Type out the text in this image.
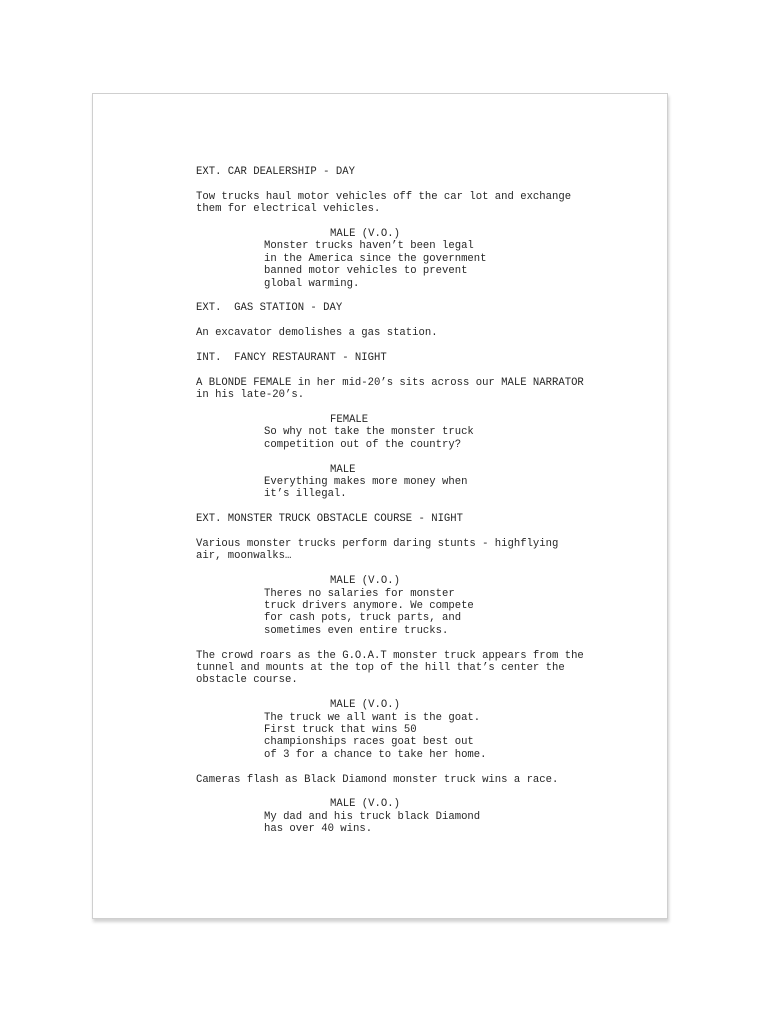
EXT. CAR DEALERSHIP - DAY

Tow trucks haul motor vehicles off the car lot and exchange

them for electrical vehicles.

MALE (V.O.)

Monster trucks haven’t been legal

in the America since the government

banned motor vehicles to prevent

global warming.

EXT.  GAS STATION - DAY

An excavator demolishes a gas station.

INT.  FANCY RESTAURANT - NIGHT

A BLONDE FEMALE in her mid-20’s sits across our MALE NARRATOR

in his late-20’s.

FEMALE

So why not take the monster truck

competition out of the country?

MALE

Everything makes more money when

it’s illegal.

EXT. MONSTER TRUCK OBSTACLE COURSE - NIGHT

Various monster trucks perform daring stunts - highflying

air, moonwalks…

MALE (V.O.)

Theres no salaries for monster

truck drivers anymore. We compete

for cash pots, truck parts, and

sometimes even entire trucks.

The crowd roars as the G.O.A.T monster truck appears from the

tunnel and mounts at the top of the hill that’s center the

obstacle course.

MALE (V.O.)

The truck we all want is the goat.

First truck that wins 50

championships races goat best out

of 3 for a chance to take her home.

Cameras flash as Black Diamond monster truck wins a race.

MALE (V.O.)

My dad and his truck black Diamond

has over 40 wins.
